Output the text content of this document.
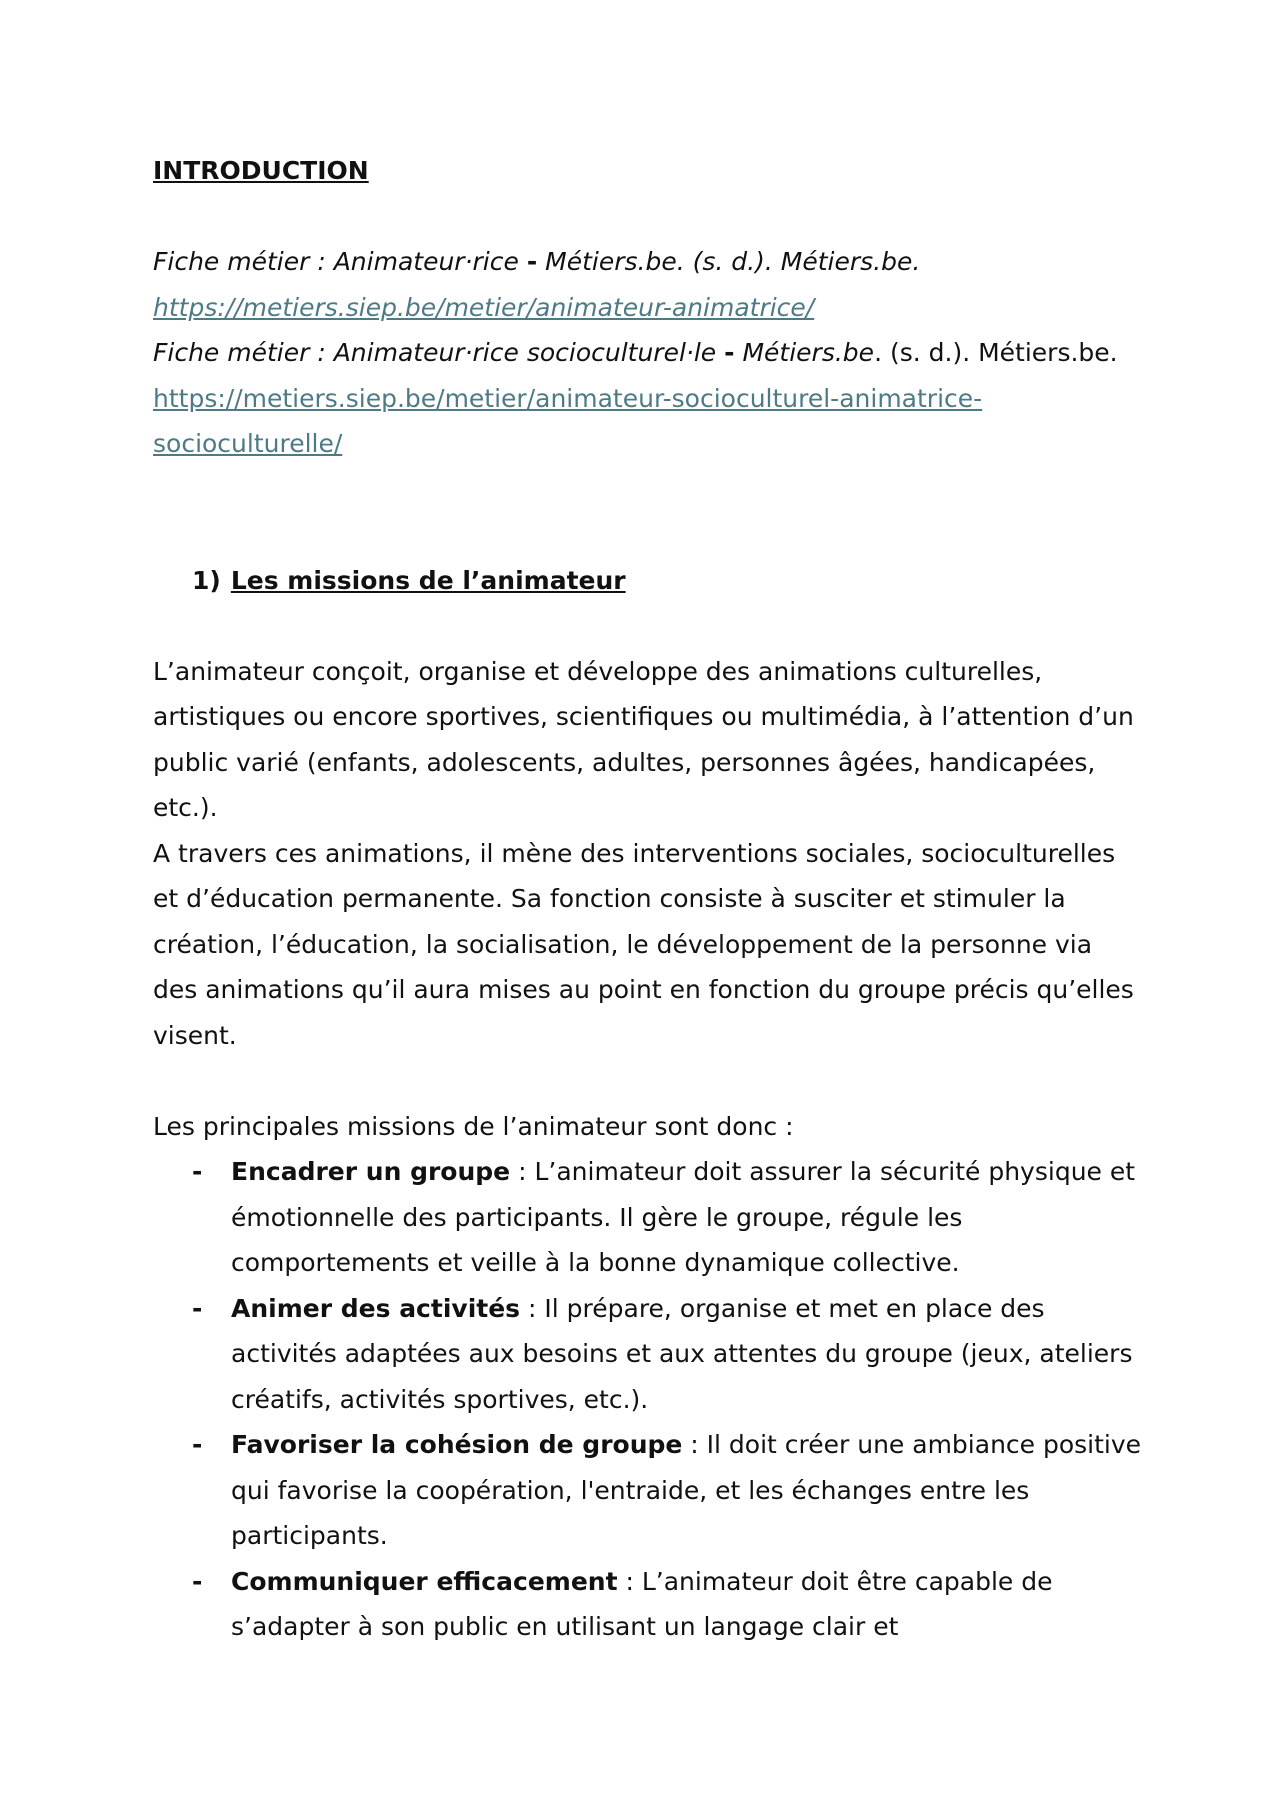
INTRODUCTION

Fiche métier : Animateur·rice - Métiers.be. (s. d.). Métiers.be.
https://metiers.siep.be/metier/animateur-animatrice/

Fiche métier : Animateur·rice socioculturel·le - Métiers.be. (s. d.). Métiers.be. https://metiers.siep.be/metier/animateur-socioculturel-animatrice-socioculturelle/

1) Les missions de l’animateur

L’animateur conçoit, organise et développe des animations culturelles, artistiques ou encore sportives, scientifiques ou multimédia, à l’attention d’un public varié (enfants, adolescents, adultes, personnes âgées, handicapées, etc.).

A travers ces animations, il mène des interventions sociales, socioculturelles et d’éducation permanente. Sa fonction consiste à susciter et stimuler la création, l’éducation, la socialisation, le développement de la personne via des animations qu’il aura mises au point en fonction du groupe précis qu’elles visent.

Les principales missions de l’animateur sont donc :

- Encadrer un groupe : L’animateur doit assurer la sécurité physique et émotionnelle des participants. Il gère le groupe, régule les comportements et veille à la bonne dynamique collective.
- Animer des activités : Il prépare, organise et met en place des activités adaptées aux besoins et aux attentes du groupe (jeux, ateliers créatifs, activités sportives, etc.).
- Favoriser la cohésion de groupe : Il doit créer une ambiance positive qui favorise la coopération, l'entraide, et les échanges entre les participants.
- Communiquer efficacement : L’animateur doit être capable de s’adapter à son public en utilisant un langage clair et
